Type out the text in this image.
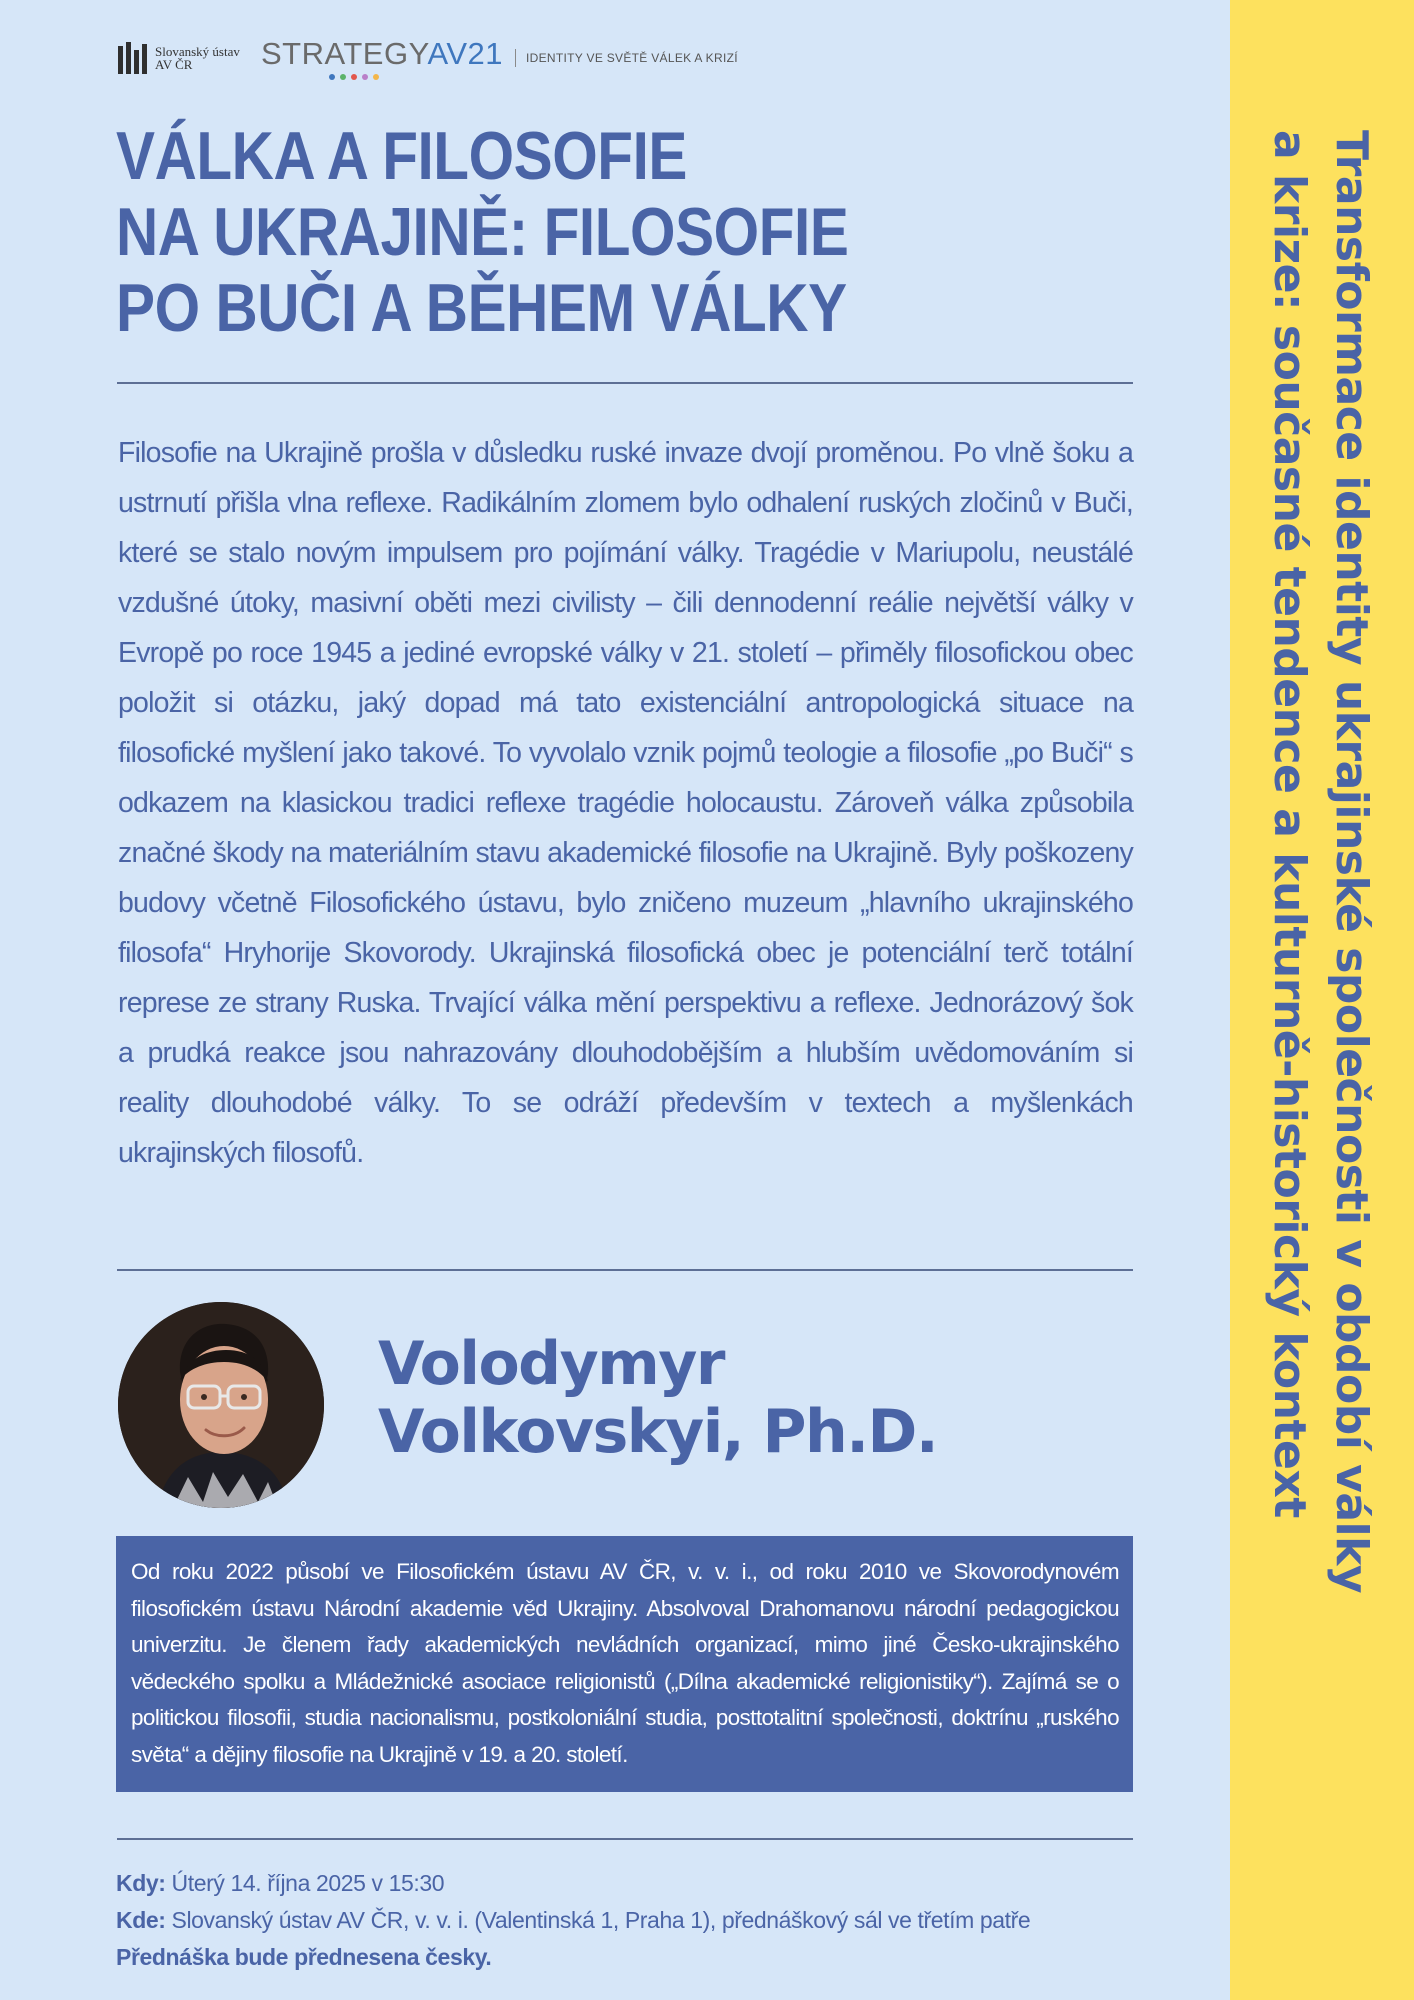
Slovanský ústav AV ČR	STRATEGYAV21 IDENTITY VE SVĚTĚ VÁLEK A KRIZÍ
VÁLKA A FILOSOFIE
NA UKRAJINĚ: FILOSOFIE
PO BUČI A BĚHEM VÁLKY
Filosofie na Ukrajině prošla v důsledku ruské invaze dvojí proměnou. Po vlně šoku a ustrnutí přišla vlna reflexe. Radikálním zlomem bylo odhalení ruských zločinů v Buči, které se stalo novým impulsem pro pojímání války. Tragédie v Mariupolu, neustálé vzdušné útoky, masivní oběti mezi civilisty – čili dennodenní reálie největší války v Evropě po roce 1945 a jediné evropské války v 21. století – přiměly filosofickou obec položit si otázku, jaký dopad má tato existenciální antropologická situace na filosofické myšlení jako takové. To vyvolalo vznik pojmů teologie a filosofie „po Buči“ s odkazem na klasickou tradici reflexe tragédie holocaustu. Zároveň válka způsobila značné škody na materiálním stavu akademické filosofie na Ukrajině. Byly poškozeny budovy včetně Filosofického ústavu, bylo zničeno muzeum „hlavního ukrajinského filosofa“ Hryhorije Skovorody. Ukrajinská filosofická obec je potenciální terč totální represe ze strany Ruska. Trvající válka mění perspektivu a reflexe. Jednorázový šok a prudká reakce jsou nahrazovány dlouhodobějším a hlubším uvědomováním si reality dlouhodobé války. To se odráží především v textech a myšlenkách ukrajinských filosofů.
Volodymyr
Volkovskyi, Ph.D.
Od roku 2022 působí ve Filosofickém ústavu AV ČR, v. v. i., od roku 2010 ve Skovorodynovém filosofickém ústavu Národní akademie věd Ukrajiny. Absolvoval Drahomanovu národní pedagogickou univerzitu. Je členem řady akademických nevládních organizací, mimo jiné Česko-ukrajinského vědeckého spolku a Mládežnické asociace religionistů („Dílna akademické religionistiky“). Zajímá se o politickou filosofii, studia nacionalismu, postkoloniální studia, posttotalitní společnosti, doktrínu „ruského světa“ a dějiny filosofie na Ukrajině v 19. a 20. století.

Kdy: Úterý 14. října 2025 v 15:30

Kde: Slovanský ústav AV ČR, v. v. i. (Valentinská 1, Praha 1), přednáškový sál ve třetím patře

Přednáška bude přednesena česky.

Transformace identity ukrajinské společnosti v období války
a krize: současné tendence a kulturně-historický kontext
